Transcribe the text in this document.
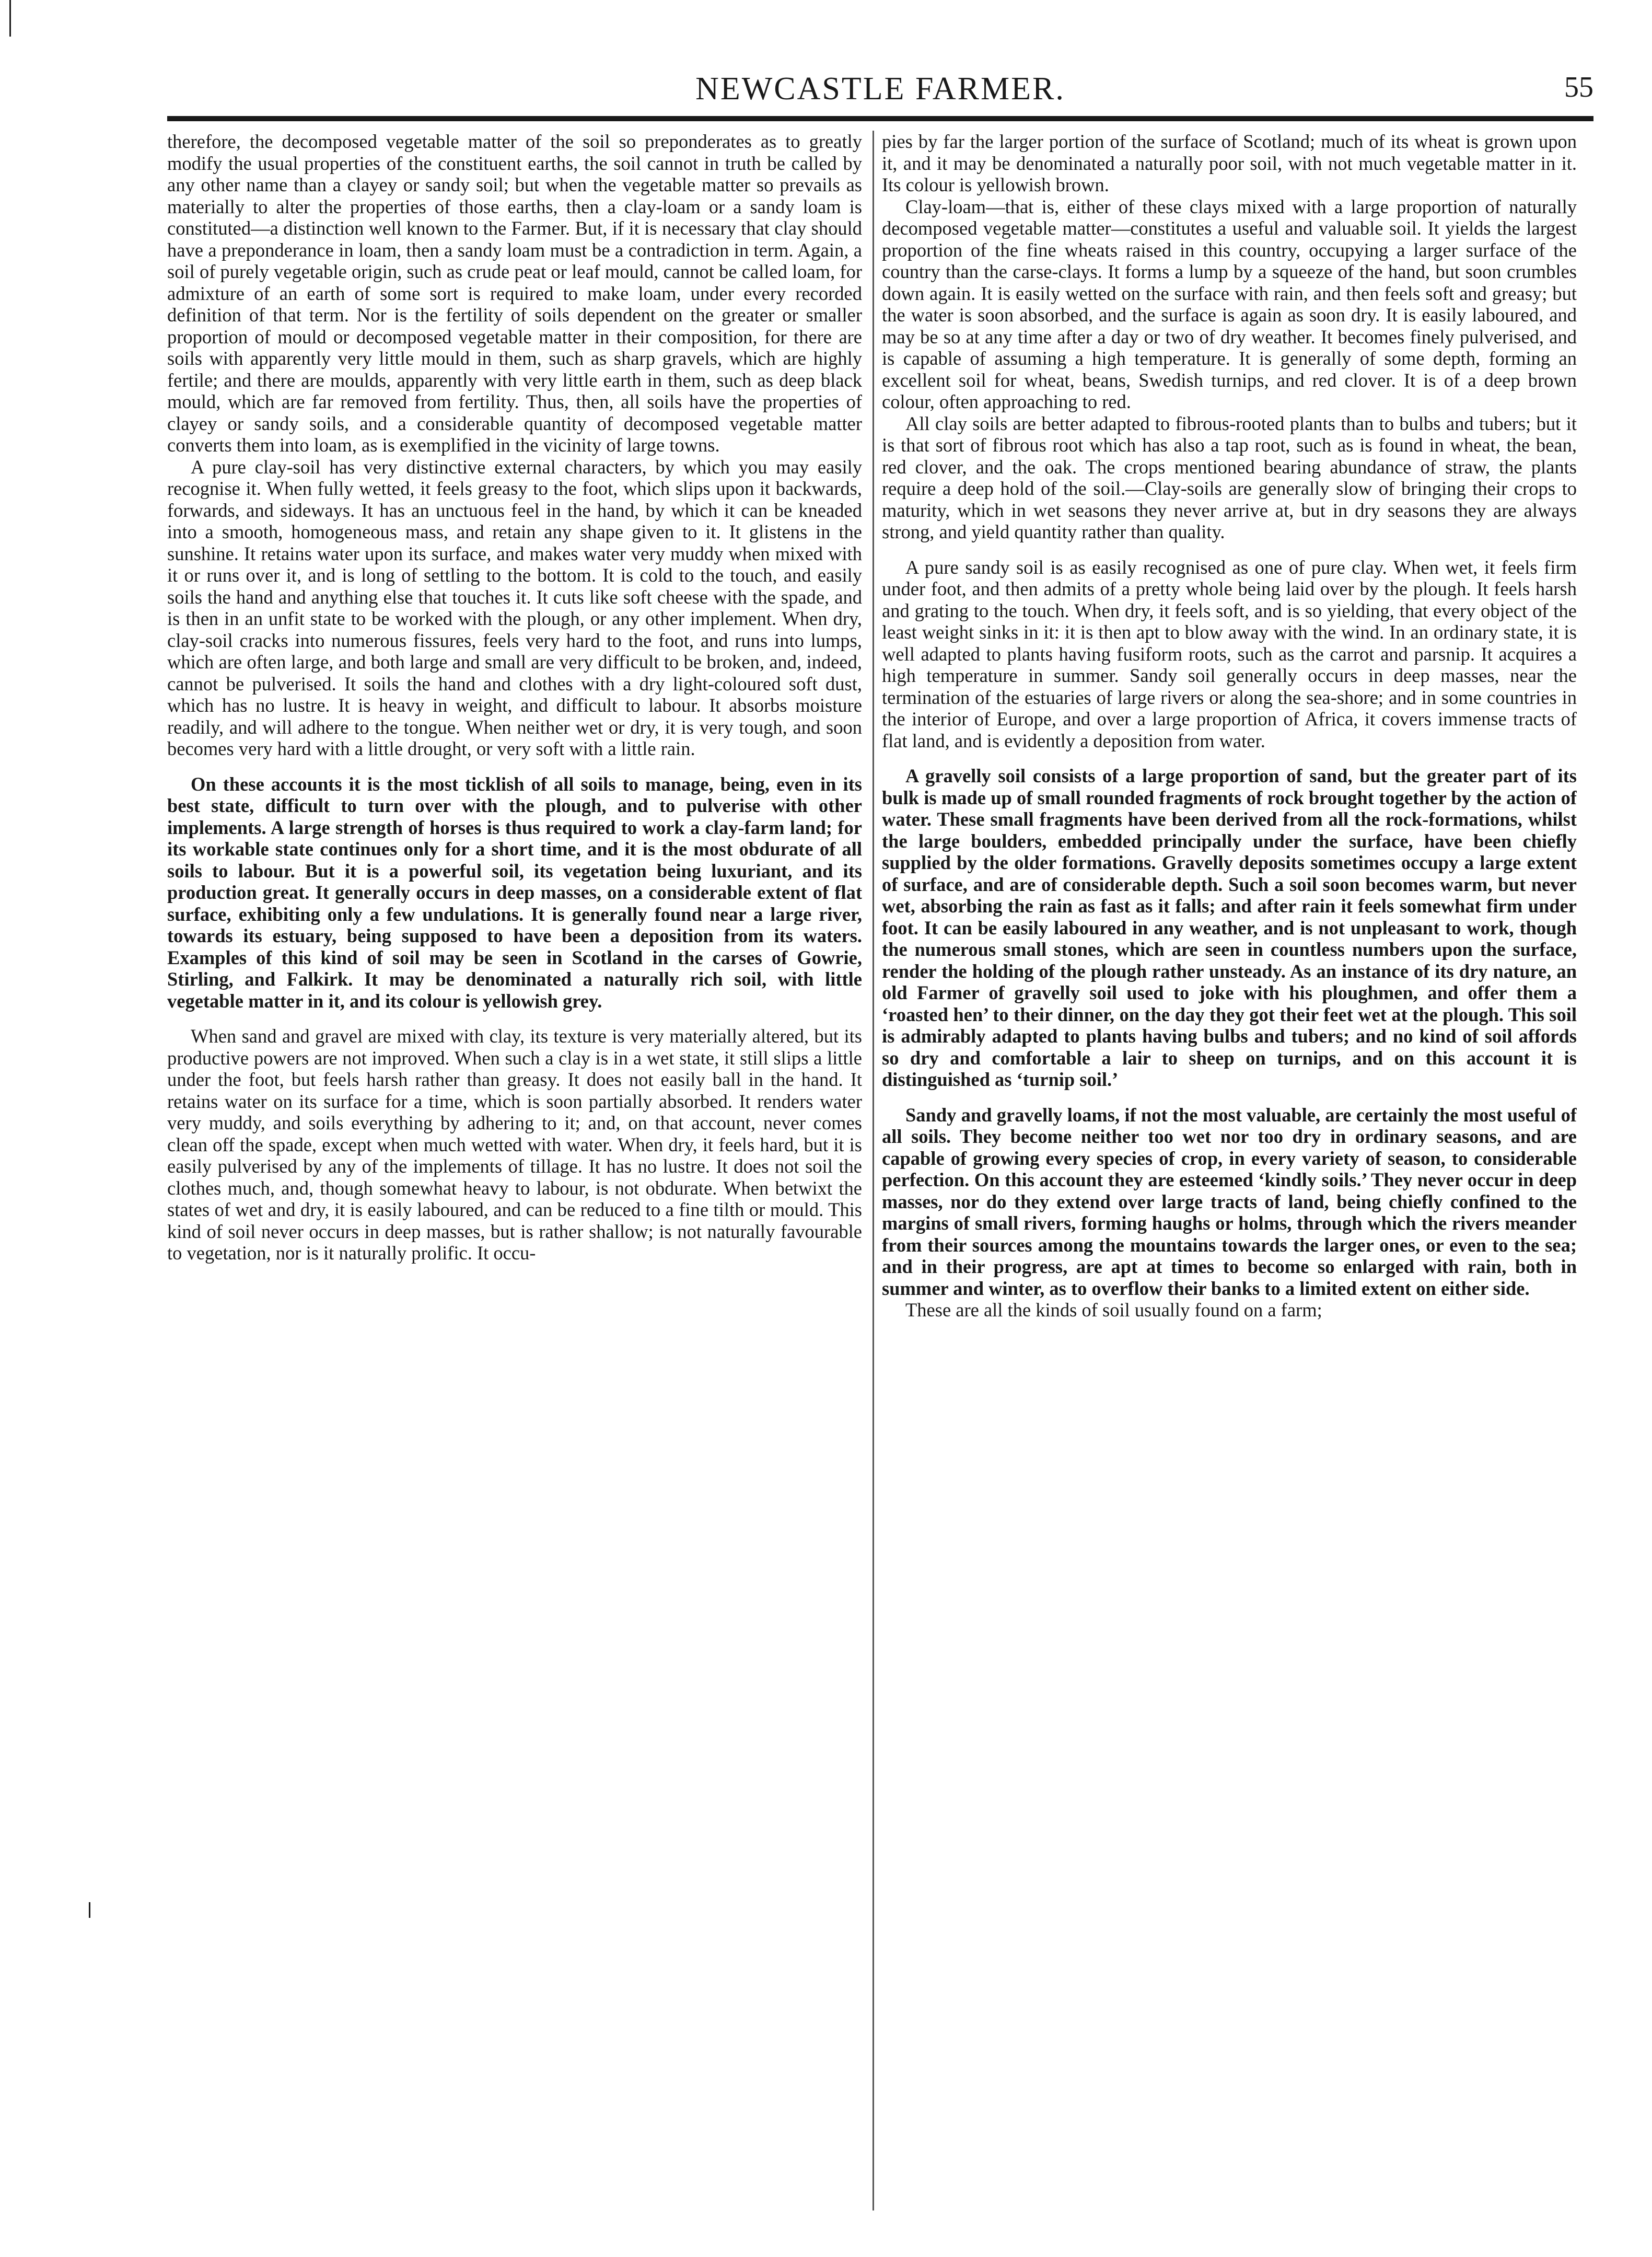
NEWCASTLE FARMER.	55

therefore, the decomposed vegetable matter of the soil so preponderates as to greatly modify the usual properties of the constituent earths, the soil cannot in truth be called by any other name than a clayey or sandy soil; but when the vegetable matter so prevails as materially to alter the properties of those earths, then a clay-loam or a sandy loam is constituted—a distinction well known to the Farmer. But, if it is necessary that clay should have a preponderance in loam, then a sandy loam must be a contradiction in term. Again, a soil of purely vegetable origin, such as crude peat or leaf mould, cannot be called loam, for admixture of an earth of some sort is required to make loam, under every recorded definition of that term. Nor is the fertility of soils dependent on the greater or smaller proportion of mould or decomposed vegetable matter in their composition, for there are soils with apparently very little mould in them, such as sharp gravels, which are highly fertile; and there are moulds, apparently with very little earth in them, such as deep black mould, which are far removed from fertility. Thus, then, all soils have the properties of clayey or sandy soils, and a considerable quantity of decomposed vegetable matter converts them into loam, as is exemplified in the vicinity of large towns.

A pure clay-soil has very distinctive external characters, by which you may easily recognise it. When fully wetted, it feels greasy to the foot, which slips upon it backwards, forwards, and sideways. It has an unctuous feel in the hand, by which it can be kneaded into a smooth, homogeneous mass, and retain any shape given to it. It glistens in the sunshine. It retains water upon its surface, and makes water very muddy when mixed with it or runs over it, and is long of settling to the bottom. It is cold to the touch, and easily soils the hand and anything else that touches it. It cuts like soft cheese with the spade, and is then in an unfit state to be worked with the plough, or any other implement. When dry, clay-soil cracks into numerous fissures, feels very hard to the foot, and runs into lumps, which are often large, and both large and small are very difficult to be broken, and, indeed, cannot be pulverised. It soils the hand and clothes with a dry light-coloured soft dust, which has no lustre. It is heavy in weight, and difficult to labour. It absorbs moisture readily, and will adhere to the tongue. When neither wet or dry, it is very tough, and soon becomes very hard with a little drought, or very soft with a little rain.

On these accounts it is the most ticklish of all soils to manage, being, even in its best state, difficult to turn over with the plough, and to pulverise with other implements. A large strength of horses is thus required to work a clay-farm land; for its workable state continues only for a short time, and it is the most obdurate of all soils to labour. But it is a powerful soil, its vegetation being luxuriant, and its production great. It generally occurs in deep masses, on a considerable extent of flat surface, exhibiting only a few undulations. It is generally found near a large river, towards its estuary, being supposed to have been a deposition from its waters. Examples of this kind of soil may be seen in Scotland in the carses of Gowrie, Stirling, and Falkirk. It may be denominated a naturally rich soil, with little vegetable matter in it, and its colour is yellowish grey.

When sand and gravel are mixed with clay, its texture is very materially altered, but its productive powers are not improved. When such a clay is in a wet state, it still slips a little under the foot, but feels harsh rather than greasy. It does not easily ball in the hand. It retains water on its surface for a time, which is soon partially absorbed. It renders water very muddy, and soils everything by adhering to it; and, on that account, never comes clean off the spade, except when much wetted with water. When dry, it feels hard, but it is easily pulverised by any of the implements of tillage. It has no lustre. It does not soil the clothes much, and, though somewhat heavy to labour, is not obdurate. When betwixt the states of wet and dry, it is easily laboured, and can be reduced to a fine tilth or mould. This kind of soil never occurs in deep masses, but is rather shallow; is not naturally favourable to vegetation, nor is it naturally prolific. It occu-

pies by far the larger portion of the surface of Scotland; much of its wheat is grown upon it, and it may be denominated a naturally poor soil, with not much vegetable matter in it. Its colour is yellowish brown.

Clay-loam—that is, either of these clays mixed with a large proportion of naturally decomposed vegetable matter—constitutes a useful and valuable soil. It yields the largest proportion of the fine wheats raised in this country, occupying a larger surface of the country than the carse-clays. It forms a lump by a squeeze of the hand, but soon crumbles down again. It is easily wetted on the surface with rain, and then feels soft and greasy; but the water is soon absorbed, and the surface is again as soon dry. It is easily laboured, and may be so at any time after a day or two of dry weather. It becomes finely pulverised, and is capable of assuming a high temperature. It is generally of some depth, forming an excellent soil for wheat, beans, Swedish turnips, and red clover. It is of a deep brown colour, often approaching to red.

All clay soils are better adapted to fibrous-rooted plants than to bulbs and tubers; but it is that sort of fibrous root which has also a tap root, such as is found in wheat, the bean, red clover, and the oak. The crops mentioned bearing abundance of straw, the plants require a deep hold of the soil.—Clay-soils are generally slow of bringing their crops to maturity, which in wet seasons they never arrive at, but in dry seasons they are always strong, and yield quantity rather than quality.

A pure sandy soil is as easily recognised as one of pure clay. When wet, it feels firm under foot, and then admits of a pretty whole being laid over by the plough. It feels harsh and grating to the touch. When dry, it feels soft, and is so yielding, that every object of the least weight sinks in it: it is then apt to blow away with the wind. In an ordinary state, it is well adapted to plants having fusiform roots, such as the carrot and parsnip. It acquires a high temperature in summer. Sandy soil generally occurs in deep masses, near the termination of the estuaries of large rivers or along the sea-shore; and in some countries in the interior of Europe, and over a large proportion of Africa, it covers immense tracts of flat land, and is evidently a deposition from water.

A gravelly soil consists of a large proportion of sand, but the greater part of its bulk is made up of small rounded fragments of rock brought together by the action of water. These small fragments have been derived from all the rock-formations, whilst the large boulders, embedded principally under the surface, have been chiefly supplied by the older formations. Gravelly deposits sometimes occupy a large extent of surface, and are of considerable depth. Such a soil soon becomes warm, but never wet, absorbing the rain as fast as it falls; and after rain it feels somewhat firm under foot. It can be easily laboured in any weather, and is not unpleasant to work, though the numerous small stones, which are seen in countless numbers upon the surface, render the holding of the plough rather unsteady. As an instance of its dry nature, an old Farmer of gravelly soil used to joke with his ploughmen, and offer them a ‘roasted hen’ to their dinner, on the day they got their feet wet at the plough. This soil is admirably adapted to plants having bulbs and tubers; and no kind of soil affords so dry and comfortable a lair to sheep on turnips, and on this account it is distinguished as ‘turnip soil.’

Sandy and gravelly loams, if not the most valuable, are certainly the most useful of all soils. They become neither too wet nor too dry in ordinary seasons, and are capable of growing every species of crop, in every variety of season, to considerable perfection. On this account they are esteemed ‘kindly soils.’ They never occur in deep masses, nor do they extend over large tracts of land, being chiefly confined to the margins of small rivers, forming haughs or holms, through which the rivers meander from their sources among the mountains towards the larger ones, or even to the sea; and in their progress, are apt at times to become so enlarged with rain, both in summer and winter, as to overflow their banks to a limited extent on either side.

These are all the kinds of soil usually found on a farm;
